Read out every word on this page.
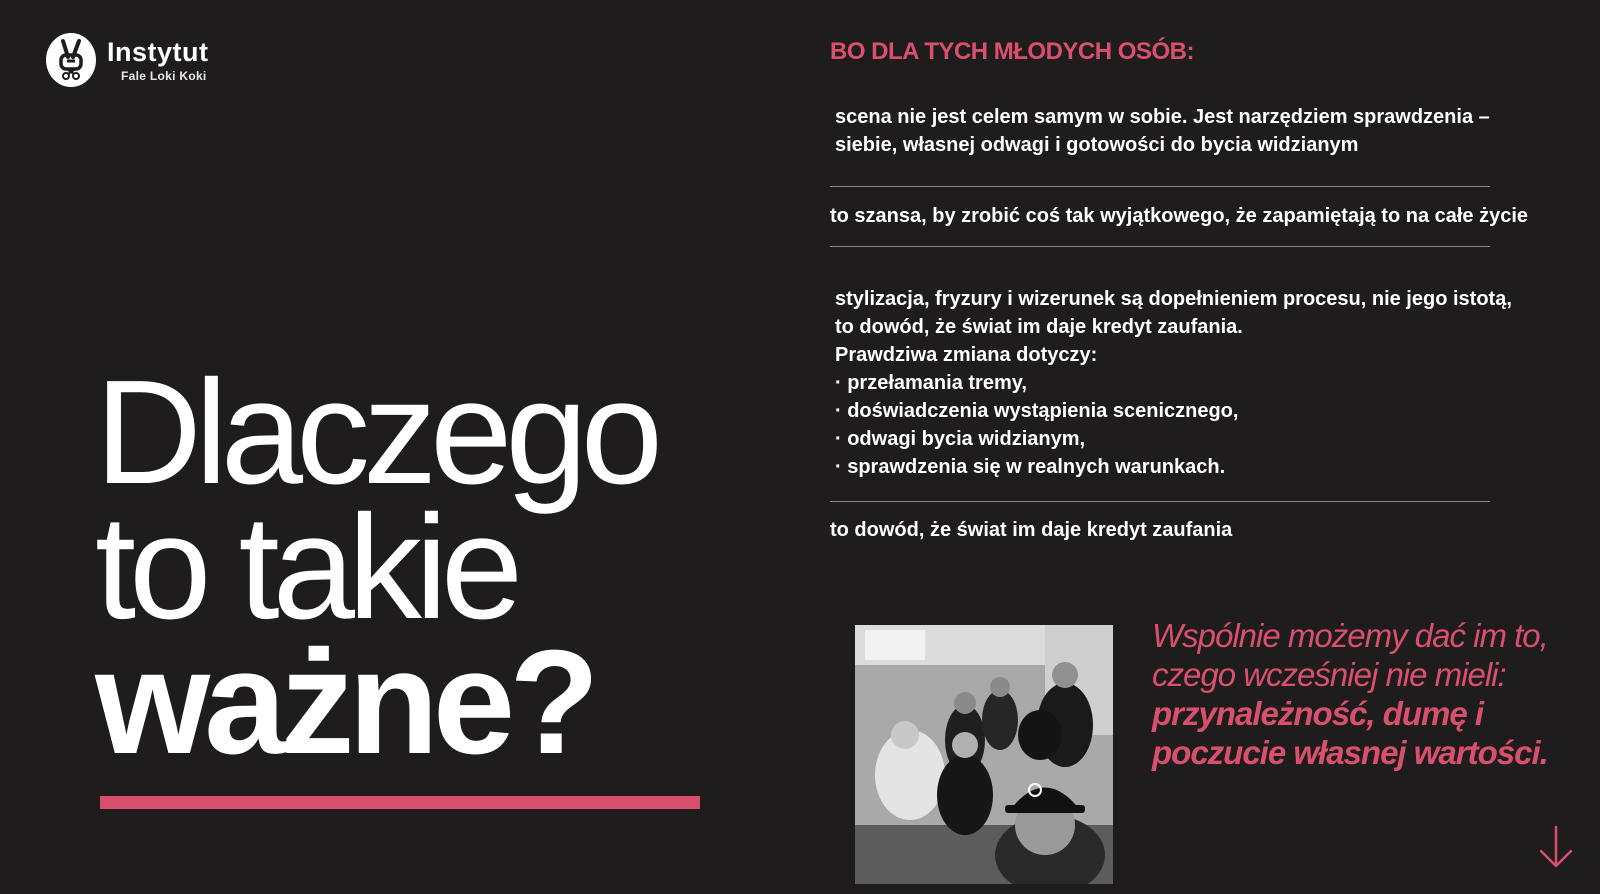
Instytut
Fale Loki Koki
Dlaczego
to takie
ważne?
BO DLA TYCH MŁODYCH OSÓB:
scena nie jest celem samym w sobie. Jest narzędziem sprawdzenia –
siebie, własnej odwagi i gotowości do bycia widzianym
to szansa, by zrobić coś tak wyjątkowego, że zapamiętają to na całe życie
stylizacja, fryzury i wizerunek są dopełnieniem procesu, nie jego istotą,
to dowód, że świat im daje kredyt zaufania.
Prawdziwa zmiana dotyczy:
· przełamania tremy,
· doświadczenia wystąpienia scenicznego,
· odwagi bycia widzianym,
· sprawdzenia się w realnych warunkach.
to dowód, że świat im daje kredyt zaufania
Wspólnie możemy dać im to, czego wcześniej nie mieli: przynależność, dumę i poczucie własnej wartości.
